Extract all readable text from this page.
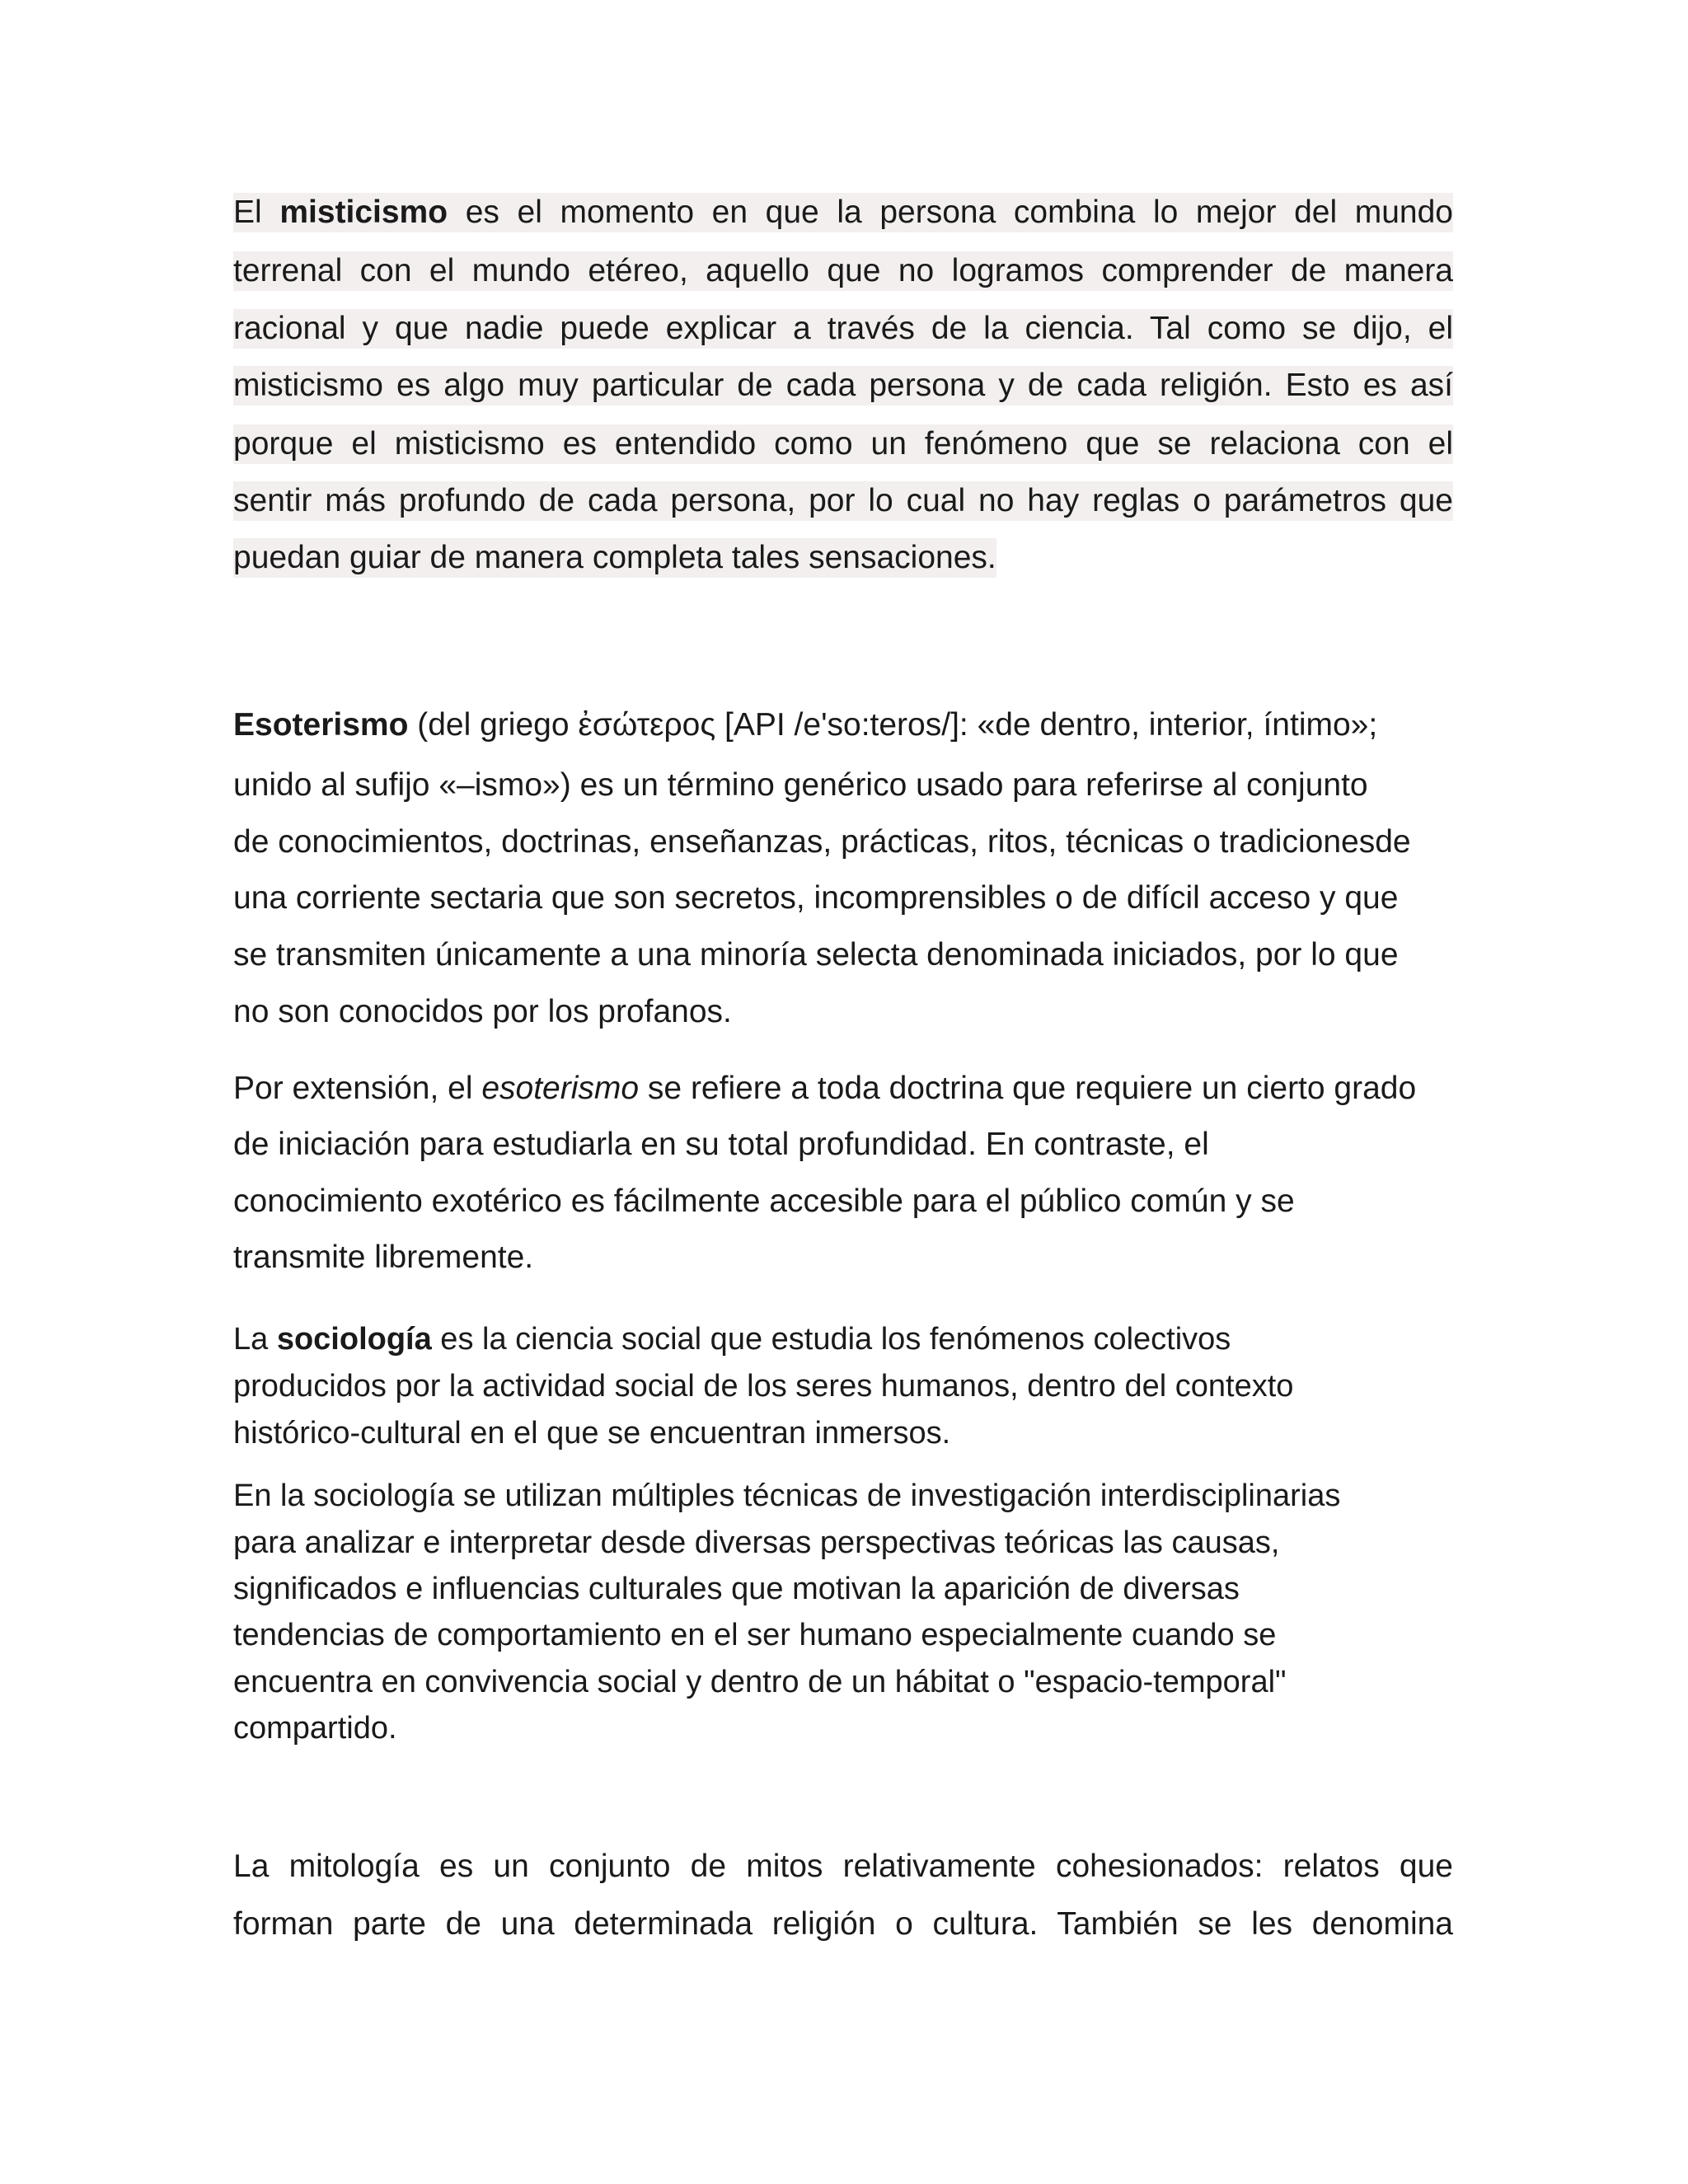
El misticismo es el momento en que la persona combina lo mejor del mundo
terrenal con el mundo etéreo, aquello que no logramos comprender de manera
racional y que nadie puede explicar a través de la ciencia. Tal como se dijo, el
misticismo es algo muy particular de cada persona y de cada religión. Esto es así
porque el misticismo es entendido como un fenómeno que se relaciona con el
sentir más profundo de cada persona, por lo cual no hay reglas o parámetros que
puedan guiar de manera completa tales sensaciones.
Esoterismo (del griego ἐσώτερος [API /e'so:teros/]: «de dentro, interior, íntimo»;
unido al sufijo «–ismo») es un término genérico usado para referirse al conjunto
de conocimientos, doctrinas, enseñanzas, prácticas, ritos, técnicas o tradicionesde
una corriente sectaria que son secretos, incomprensibles o de difícil acceso y que
se transmiten únicamente a una minoría selecta denominada iniciados, por lo que
no son conocidos por los profanos.
Por extensión, el esoterismo se refiere a toda doctrina que requiere un cierto grado
de iniciación para estudiarla en su total profundidad. En contraste, el
conocimiento exotérico es fácilmente accesible para el público común y se
transmite libremente.
La sociología es la ciencia social que estudia los fenómenos colectivos
producidos por la actividad social de los seres humanos, dentro del contexto
histórico-cultural en el que se encuentran inmersos.
En la sociología se utilizan múltiples técnicas de investigación interdisciplinarias
para analizar e interpretar desde diversas perspectivas teóricas las causas,
significados e influencias culturales que motivan la aparición de diversas
tendencias de comportamiento en el ser humano especialmente cuando se
encuentra en convivencia social y dentro de un hábitat o "espacio-temporal"
compartido.
La mitología es un conjunto de mitos relativamente cohesionados: relatos que
forman parte de una determinada religión o cultura. También se les denomina
